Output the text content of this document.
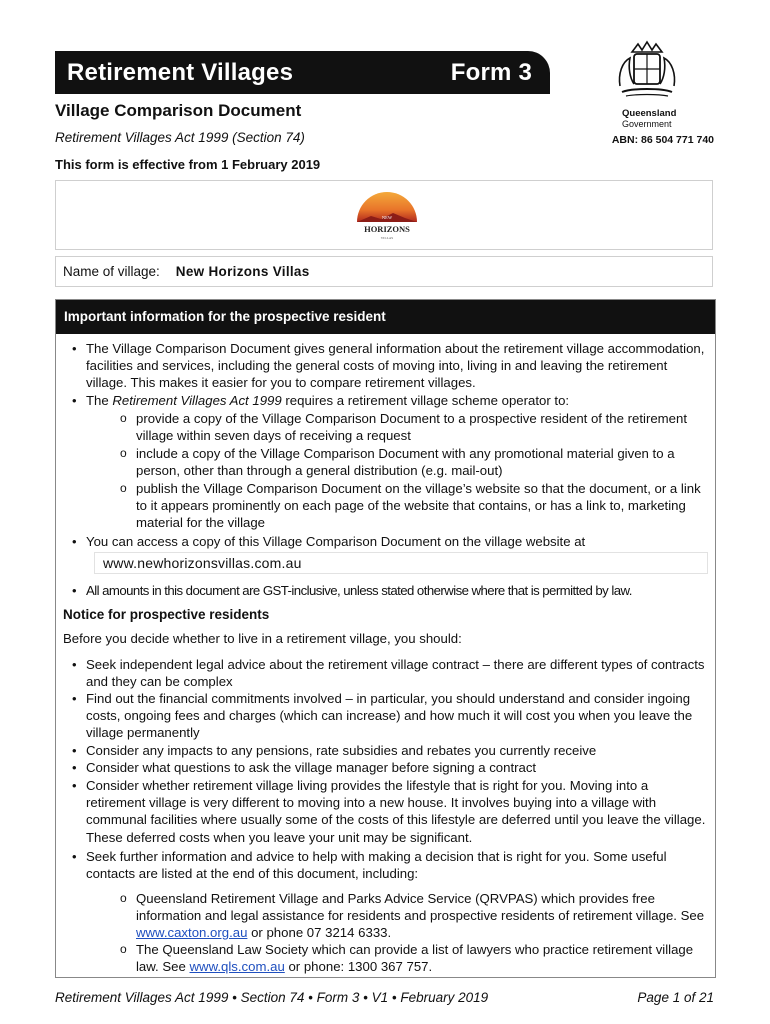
Retirement Villages	Form 3
Queensland
Government
Village Comparison Document
Retirement Villages Act 1999 (Section 74)	ABN: 86 504 771 740
This form is effective from 1 February 2019
NEW
HORIZONS
VILLAS
Name of village: New Horizons Villas
Important information for the prospective resident
• The Village Comparison Document gives general information about the retirement village accommodation, facilities and services, including the general costs of moving into, living in and leaving the retirement village. This makes it easier for you to compare retirement villages.
• The Retirement Villages Act 1999 requires a retirement village scheme operator to:
o provide a copy of the Village Comparison Document to a prospective resident of the retirement village within seven days of receiving a request
o include a copy of the Village Comparison Document with any promotional material given to a person, other than through a general distribution (e.g. mail-out)
o publish the Village Comparison Document on the village’s website so that the document, or a link to it appears prominently on each page of the website that contains, or has a link to, marketing material for the village
• You can access a copy of this Village Comparison Document on the village website at
www.newhorizonsvillas.com.au
• All amounts in this document are GST-inclusive, unless stated otherwise where that is permitted by law.
Notice for prospective residents
Before you decide whether to live in a retirement village, you should:
• Seek independent legal advice about the retirement village contract – there are different types of contracts and they can be complex
• Find out the financial commitments involved – in particular, you should understand and consider ingoing costs, ongoing fees and charges (which can increase) and how much it will cost you when you leave the village permanently
• Consider any impacts to any pensions, rate subsidies and rebates you currently receive
• Consider what questions to ask the village manager before signing a contract
• Consider whether retirement village living provides the lifestyle that is right for you. Moving into a retirement village is very different to moving into a new house. It involves buying into a village with communal facilities where usually some of the costs of this lifestyle are deferred until you leave the village. These deferred costs when you leave your unit may be significant.
• Seek further information and advice to help with making a decision that is right for you. Some useful contacts are listed at the end of this document, including:
o Queensland Retirement Village and Parks Advice Service (QRVPAS) which provides free information and legal assistance for residents and prospective residents of retirement village. See www.caxton.org.au or phone 07 3214 6333.
o The Queensland Law Society which can provide a list of lawyers who practice retirement village law. See www.qls.com.au or phone: 1300 367 757.
Retirement Villages Act 1999 • Section 74 • Form 3 • V1 • February 2019	Page 1 of 21
